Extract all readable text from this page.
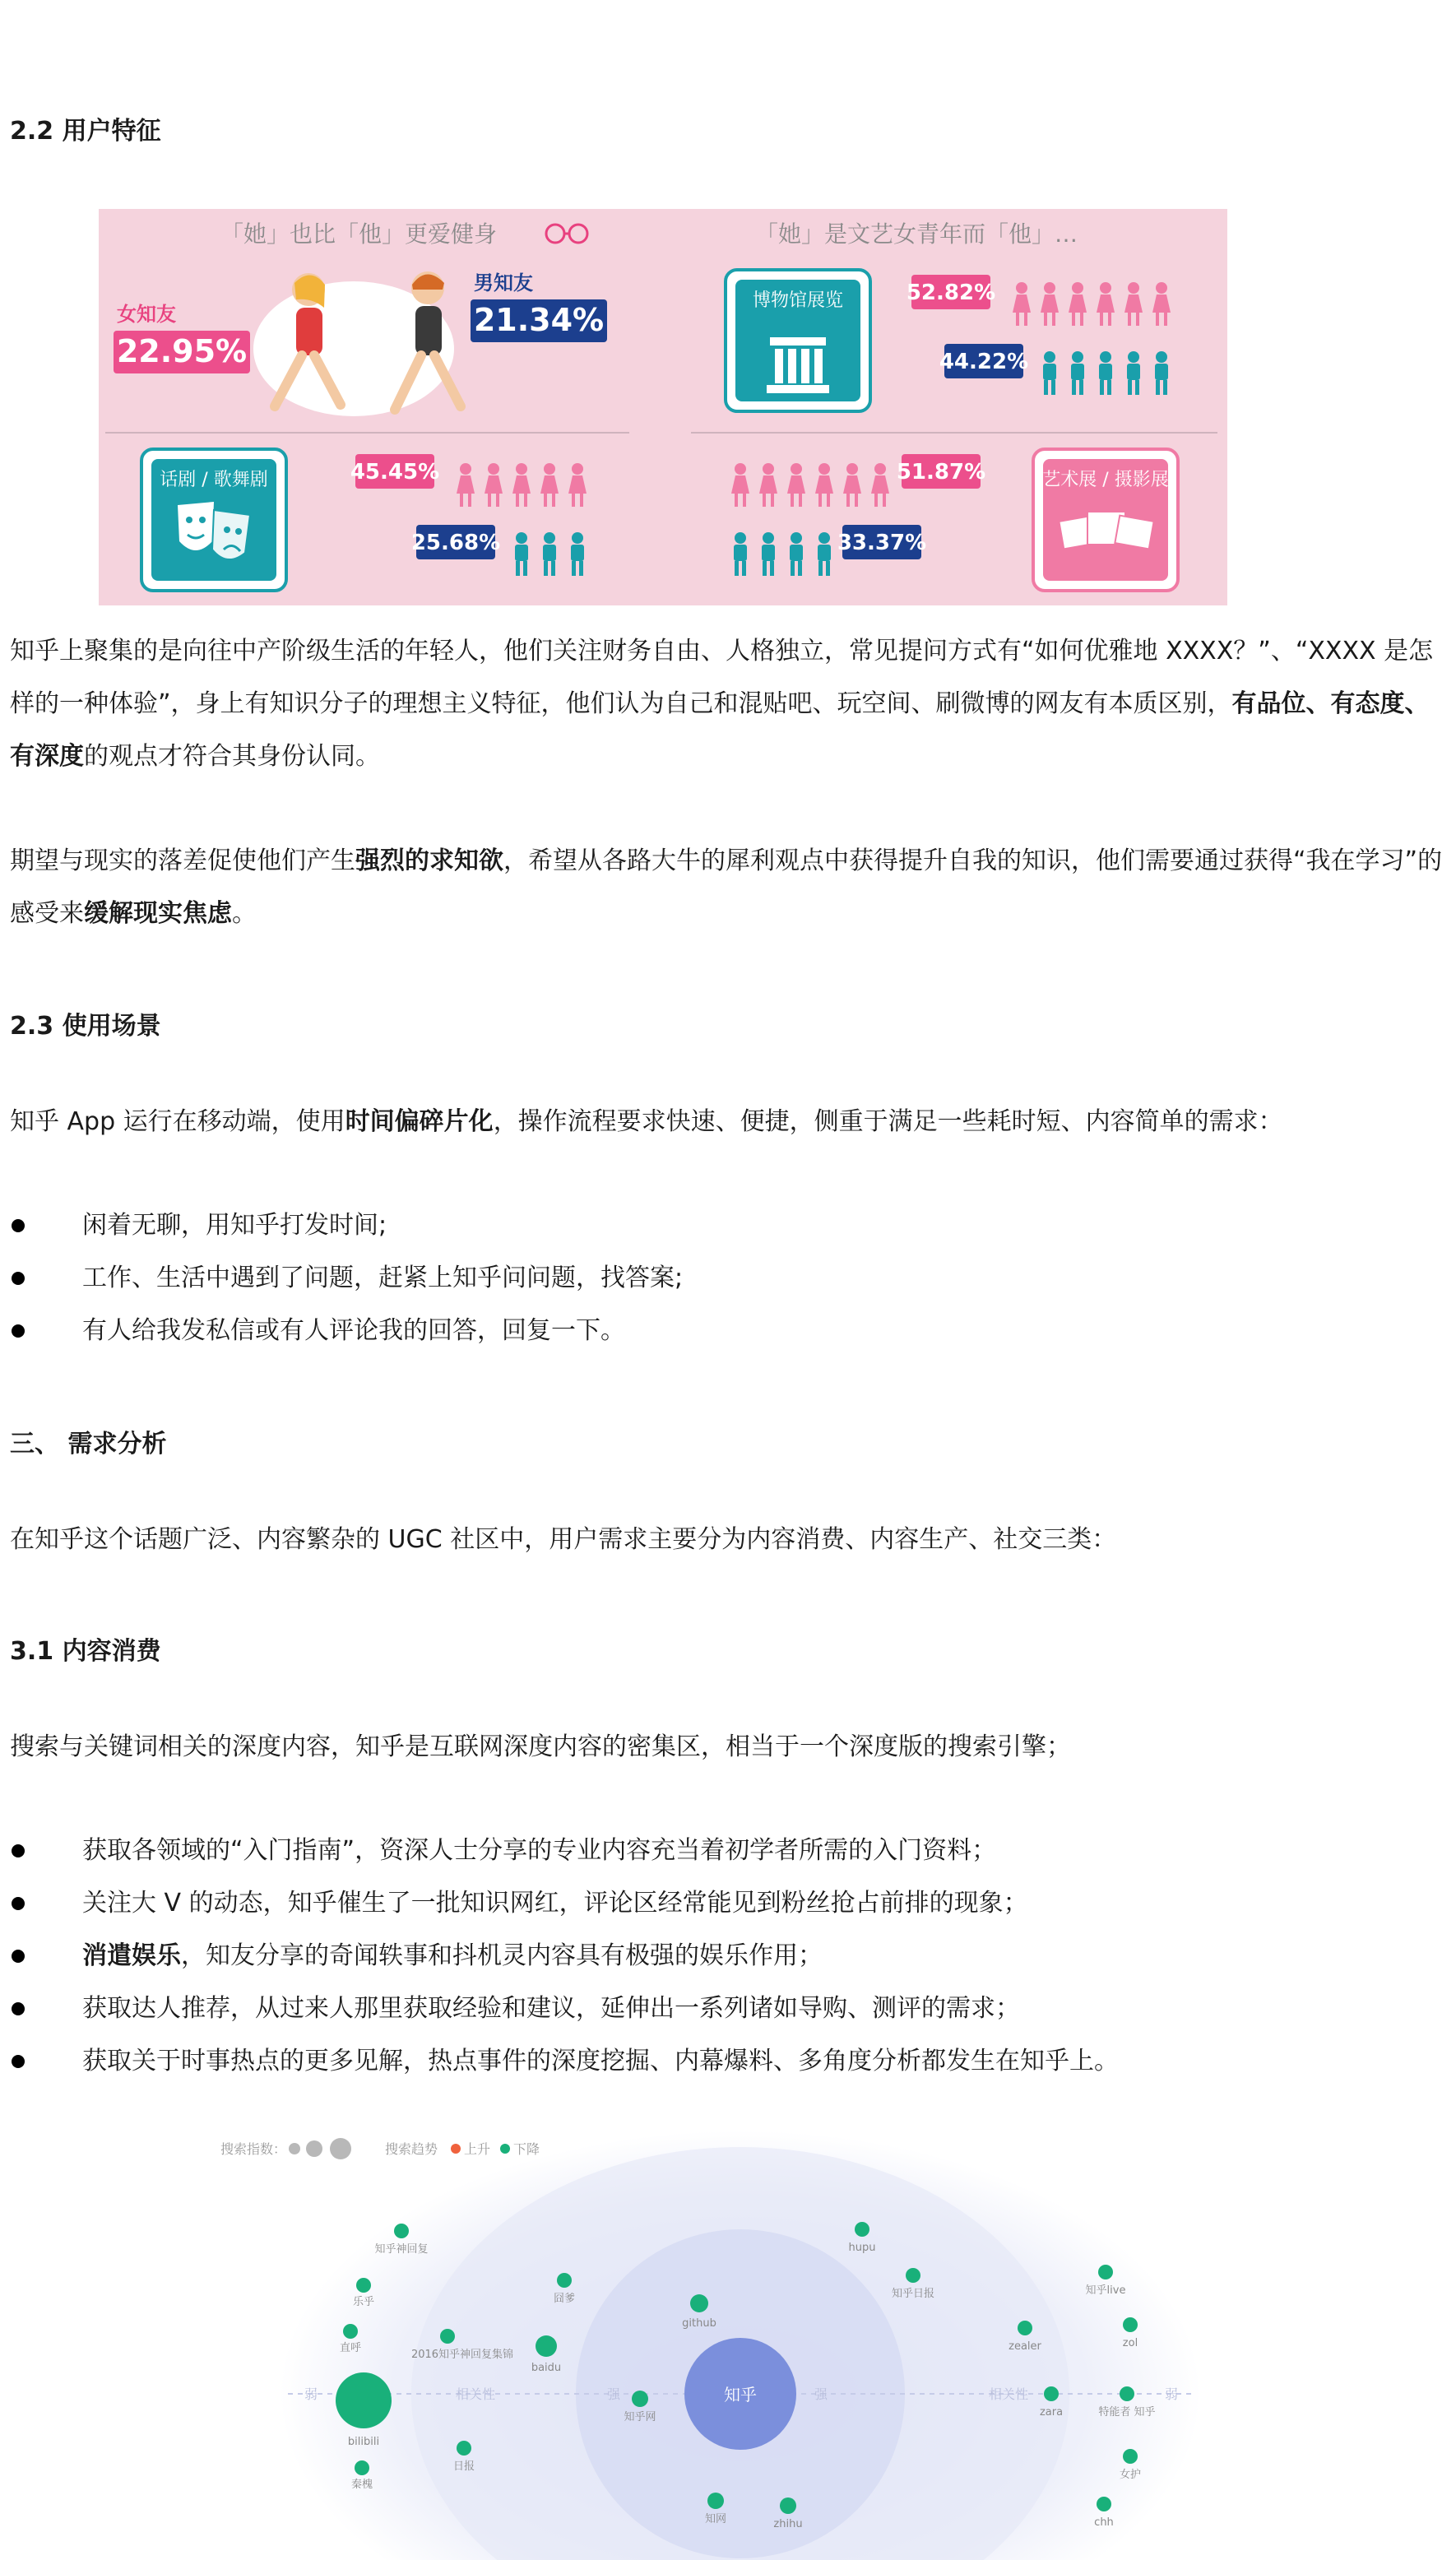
2.2 用户特征
「她」也比「他」更爱健身	「她」是文艺女青年而「他」…
女知友
22.95%
男知友
21.34%
博物馆展览	52.82%
44.22%
话剧 / 歌舞剧	45.45%
25.68%
51.87%
33.37%
艺术展 / 摄影展

知乎上聚集的是向往中产阶级生活的年轻人，他们关注财务自由、人格独立，常见提问方式有“如何优雅地 XXXX？”、“XXXX 是怎样的一种体验”，身上有知识分子的理想主义特征，他们认为自己和混贴吧、玩空间、刷微博的网友有本质区别，有品位、有态度、有深度的观点才符合其身份认同。

期望与现实的落差促使他们产生强烈的求知欲，希望从各路大牛的犀利观点中获得提升自我的知识，他们需要通过获得“我在学习”的感受来缓解现实焦虑。

2.3 使用场景

知乎 App 运行在移动端，使用时间偏碎片化，操作流程要求快速、便捷，侧重于满足一些耗时短、内容简单的需求：

闲着无聊，用知乎打发时间;
工作、生活中遇到了问题，赶紧上知乎问问题，找答案;
有人给我发私信或有人评论我的回答，回复一下。
三、 需求分析

在知乎这个话题广泛、内容繁杂的 UGC 社区中，用户需求主要分为内容消费、内容生产、社交三类：

3.1 内容消费

搜索与关键词相关的深度内容，知乎是互联网深度内容的密集区，相当于一个深度版的搜索引擎；

获取各领域的“入门指南”，资深人士分享的专业内容充当着初学者所需的入门资料；
关注大 V 的动态，知乎催生了一批知识网红，评论区经常能见到粉丝抢占前排的现象；
消遣娱乐，知友分享的奇闻轶事和抖机灵内容具有极强的娱乐作用；
获取达人推荐，从过来人那里获取经验和建议，延伸出一系列诸如导购、测评的需求；
获取关于时事热点的更多见解，热点事件的深度挖掘、内幕爆料、多角度分析都发生在知乎上。
搜索指数：	搜索趋势 上升 下降
弱	相关性	强	强	相关性	弱
知乎
知乎神回复	hupu
乐乎	囧爹	知乎日报	知乎live
直呼
2016知乎神回复集锦
github
zealer	zol
baidu
知乎网
bilibili
zara	特能者 知乎
日报
秦槐
知网	zhihu	chh
女护
